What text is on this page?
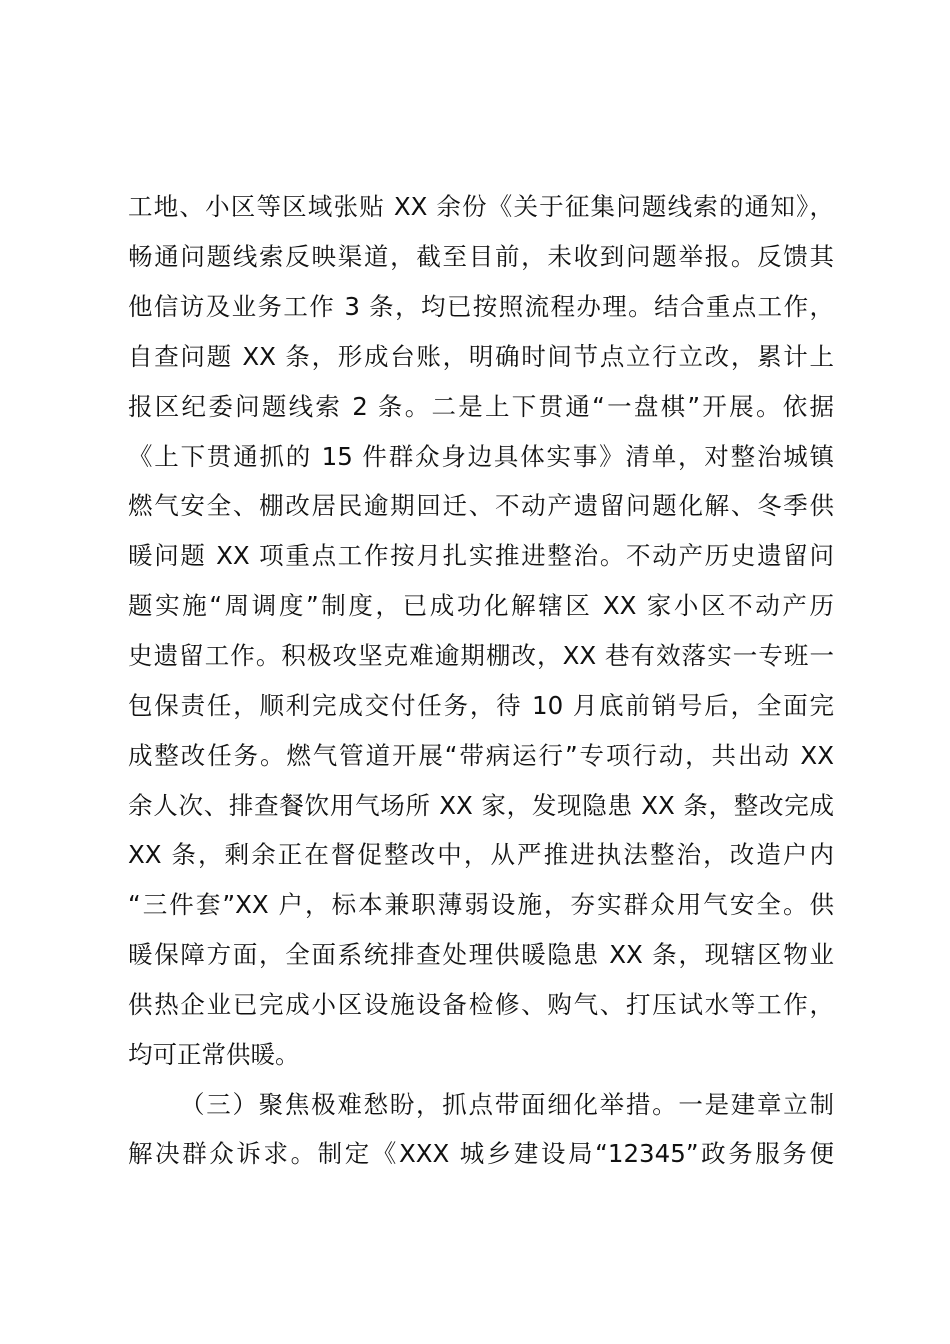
工地、小区等区域张贴 XX 余份《关于征集问题线索的通知》，
畅通问题线索反映渠道，截至目前，未收到问题举报。反馈其
他信访及业务工作 3 条，均已按照流程办理。结合重点工作，
自查问题 XX 条，形成台账，明确时间节点立行立改，累计上
报区纪委问题线索 2 条。二是上下贯通“一盘棋”开展。依据
《上下贯通抓的 15 件群众身边具体实事》清单，对整治城镇
燃气安全、棚改居民逾期回迁、不动产遗留问题化解、冬季供
暖问题 XX 项重点工作按月扎实推进整治。不动产历史遗留问
题实施“周调度”制度，已成功化解辖区 XX 家小区不动产历
史遗留工作。积极攻坚克难逾期棚改，XX 巷有效落实一专班一
包保责任，顺利完成交付任务，待 10 月底前销号后，全面完
成整改任务。燃气管道开展“带病运行”专项行动，共出动 XX
余人次、排查餐饮用气场所 XX 家，发现隐患 XX 条，整改完成
XX 条，剩余正在督促整改中，从严推进执法整治，改造户内
“三件套”XX 户，标本兼职薄弱设施，夯实群众用气安全。供
暖保障方面，全面系统排查处理供暖隐患 XX 条，现辖区物业
供热企业已完成小区设施设备检修、购气、打压试水等工作，
均可正常供暖。
（三）聚焦极难愁盼，抓点带面细化举措。一是建章立制
解决群众诉求。制定《XXX 城乡建设局“12345”政务服务便
